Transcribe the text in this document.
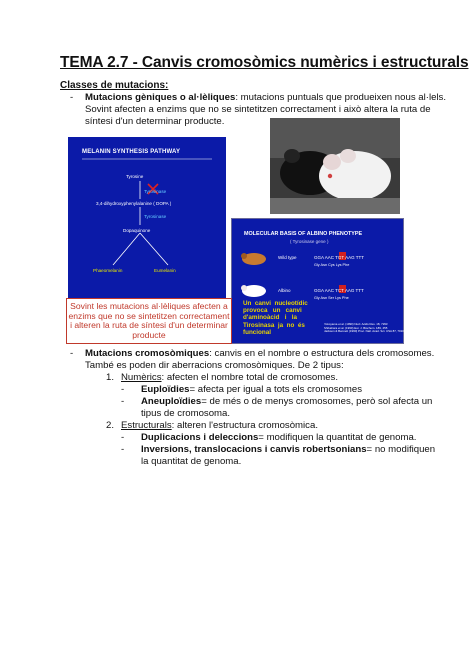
TEMA 2.7 - Canvis cromosòmics numèrics i estructurals
Classes de mutacions:
- Mutacions gèniques o al·lèliques: mutacions puntuals que produeixen nous al·lels.
Sovint afecten a enzims que no se sintetitzen correctament i això altera la ruta de
síntesi d'un determinar producte.
MELANIN SYNTHESIS PATHWAY
Tyrosine
Tyrosinase
3,4-dihydroxyphenylalanine ( DOPA )
Tyrosinase
Dopaquinone
Phaeomelanin	Eumelanin
MOLECULAR BASIS OF ALBINO PHENOTYPE
( Tyrosinase gene )
Wild type	GGA AAC TGT AAG TTT
Gly Asn Cys Lys Phe
Albino	GGA AAC TCT AAG TTT
Gly Asn Ser Lys Phe
Yokoyama et al. (1990) Nucl. Acids Res. 18, 7293
Shibahara et al. (1990) Eur. J. Biochem. 189, 455
Jackson & Bennett (1990) Proc. Natl. Acad. Sci. USA 87, 7010
Un  canvi  nucleotídic
provoca   un   canvi
d'aminoàcid   i   la
Tirosinasa  ja  no  és
funcional
Sovint les mutacions al·lèliques afecten a enzims que no se sintetitzen correctament i alteren la ruta de síntesi d'un determinar producte
- Mutacions cromosòmiques: canvis en el nombre o estructura dels cromosomes.
També es poden dir aberracions cromosòmiques. De 2 tipus:
1. Numèrics: afecten el nombre total de cromosomes.
- Euploïdies= afecta per igual a tots els cromosomes
- Aneuploïdies= de més o de menys cromosomes, però sol afecta un
tipus de cromosoma.
2. Estructurals: alteren l'estructura cromosòmica.
- Duplicacions i deleccions= modifiquen la quantitat de genoma.
- Inversions, translocacions i canvis robertsonians= no modifiquen
la quantitat de genoma.
